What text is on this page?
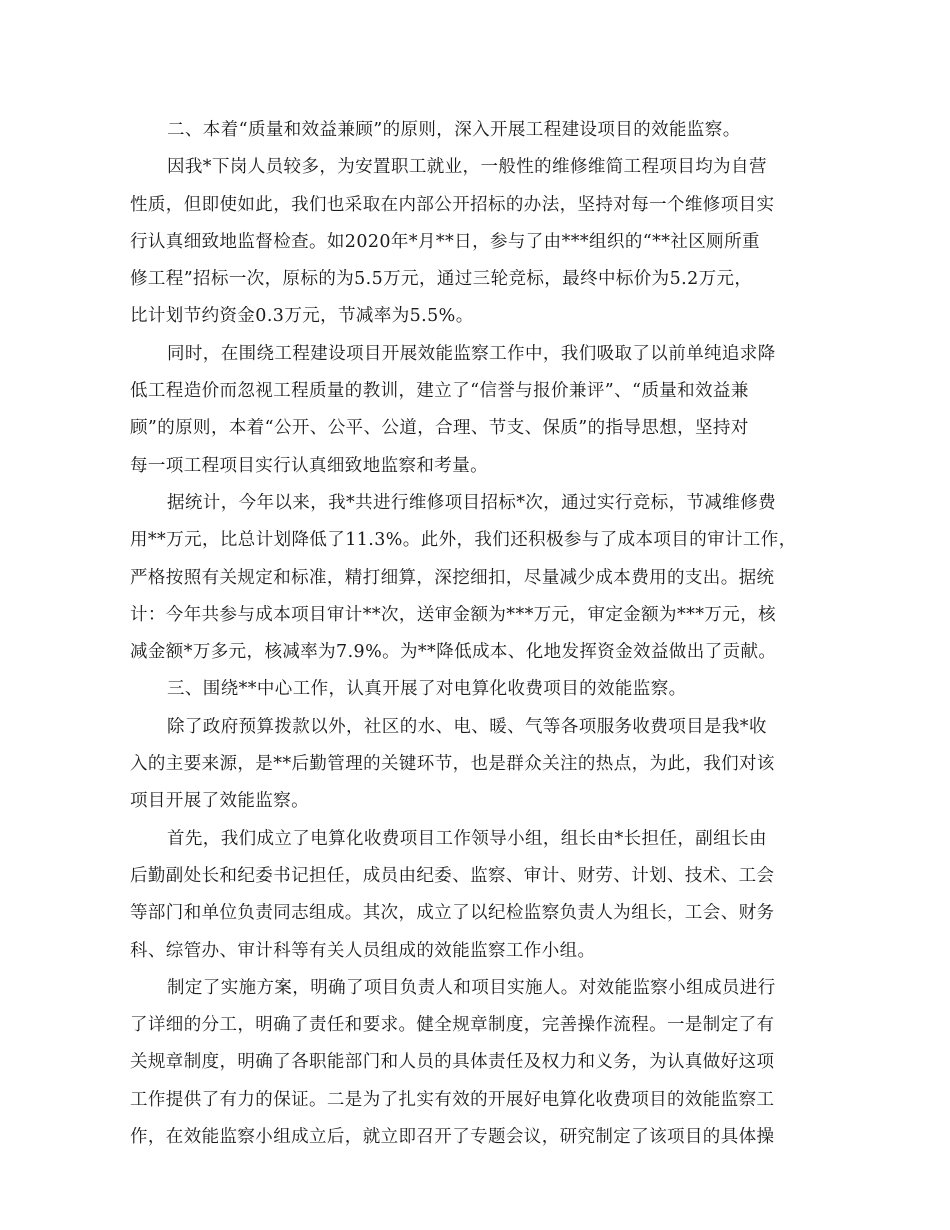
二、本着“质量和效益兼顾”的原则，深入开展工程建设项目的效能监察。
因我*下岗人员较多，为安置职工就业，一般性的维修维简工程项目均为自营
性质，但即使如此，我们也采取在内部公开招标的办法，坚持对每一个维修项目实
行认真细致地监督检查。如2020年*月**日，参与了由***组织的“**社区厕所重
修工程”招标一次，原标的为5.5万元，通过三轮竞标，最终中标价为5.2万元，
比计划节约资金0.3万元，节减率为5.5%。
同时，在围绕工程建设项目开展效能监察工作中，我们吸取了以前单纯追求降
低工程造价而忽视工程质量的教训，建立了“信誉与报价兼评”、“质量和效益兼
顾”的原则，本着“公开、公平、公道，合理、节支、保质”的指导思想，坚持对
每一项工程项目实行认真细致地监察和考量。
据统计，今年以来，我*共进行维修项目招标*次，通过实行竞标，节减维修费
用**万元，比总计划降低了11.3%。此外，我们还积极参与了成本项目的审计工作，
严格按照有关规定和标准，精打细算，深挖细扣，尽量减少成本费用的支出。据统
计：今年共参与成本项目审计**次，送审金额为***万元，审定金额为***万元，核
减金额*万多元，核减率为7.9%。为**降低成本、化地发挥资金效益做出了贡献。
三、围绕**中心工作，认真开展了对电算化收费项目的效能监察。
除了政府预算拨款以外，社区的水、电、暖、气等各项服务收费项目是我*收
入的主要来源，是**后勤管理的关键环节，也是群众关注的热点，为此，我们对该
项目开展了效能监察。
首先，我们成立了电算化收费项目工作领导小组，组长由*长担任，副组长由
后勤副处长和纪委书记担任，成员由纪委、监察、审计、财劳、计划、技术、工会
等部门和单位负责同志组成。其次，成立了以纪检监察负责人为组长，工会、财务
科、综管办、审计科等有关人员组成的效能监察工作小组。
制定了实施方案，明确了项目负责人和项目实施人。对效能监察小组成员进行
了详细的分工，明确了责任和要求。健全规章制度，完善操作流程。一是制定了有
关规章制度，明确了各职能部门和人员的具体责任及权力和义务，为认真做好这项
工作提供了有力的保证。二是为了扎实有效的开展好电算化收费项目的效能监察工
作，在效能监察小组成立后，就立即召开了专题会议，研究制定了该项目的具体操
